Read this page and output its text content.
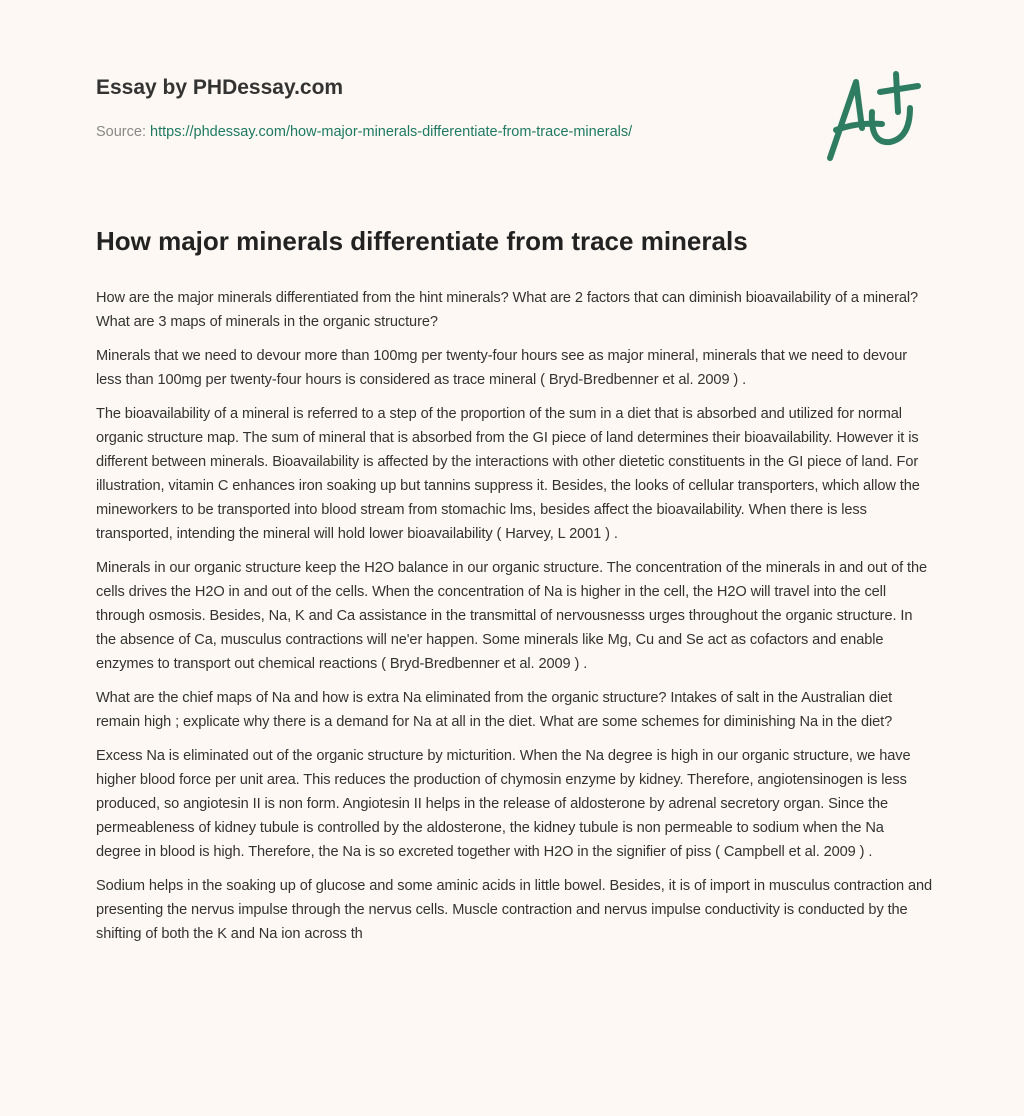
Essay by PHDessay.com
Source: https://phdessay.com/how-major-minerals-differentiate-from-trace-minerals/
How major minerals differentiate from trace minerals

How are the major minerals differentiated from the hint minerals? What are 2 factors that can diminish bioavailability of a mineral? What are 3 maps of minerals in the organic structure?

Minerals that we need to devour more than 100mg per twenty-four hours see as major mineral, minerals that we need to devour less than 100mg per twenty-four hours is considered as trace mineral ( Bryd-Bredbenner et al. 2009 ) .

The bioavailability of a mineral is referred to a step of the proportion of the sum in a diet that is absorbed and utilized for normal organic structure map. The sum of mineral that is absorbed from the GI piece of land determines their bioavailability. However it is different between minerals. Bioavailability is affected by the interactions with other dietetic constituents in the GI piece of land. For illustration, vitamin C enhances iron soaking up but tannins suppress it. Besides, the looks of cellular transporters, which allow the mineworkers to be transported into blood stream from stomachic lms, besides affect the bioavailability. When there is less transported, intending the mineral will hold lower bioavailability ( Harvey, L 2001 ) .

Minerals in our organic structure keep the H2O balance in our organic structure. The concentration of the minerals in and out of the cells drives the H2O in and out of the cells. When the concentration of Na is higher in the cell, the H2O will travel into the cell through osmosis. Besides, Na, K and Ca assistance in the transmittal of nervousnesss urges throughout the organic structure. In the absence of Ca, musculus contractions will ne'er happen. Some minerals like Mg, Cu and Se act as cofactors and enable enzymes to transport out chemical reactions ( Bryd-Bredbenner et al. 2009 ) .

What are the chief maps of Na and how is extra Na eliminated from the organic structure? Intakes of salt in the Australian diet remain high ; explicate why there is a demand for Na at all in the diet. What are some schemes for diminishing Na in the diet?

Excess Na is eliminated out of the organic structure by micturition. When the Na degree is high in our organic structure, we have higher blood force per unit area. This reduces the production of chymosin enzyme by kidney. Therefore, angiotensinogen is less produced, so angiotesin II is non form. Angiotesin II helps in the release of aldosterone by adrenal secretory organ. Since the permeableness of kidney tubule is controlled by the aldosterone, the kidney tubule is non permeable to sodium when the Na degree in blood is high. Therefore, the Na is so excreted together with H2O in the signifier of piss ( Campbell et al. 2009 ) .

Sodium helps in the soaking up of glucose and some aminic acids in little bowel. Besides, it is of import in musculus contraction and presenting the nervus impulse through the nervus cells. Muscle contraction and nervus impulse conductivity is conducted by the shifting of both the K and Na ion across th
